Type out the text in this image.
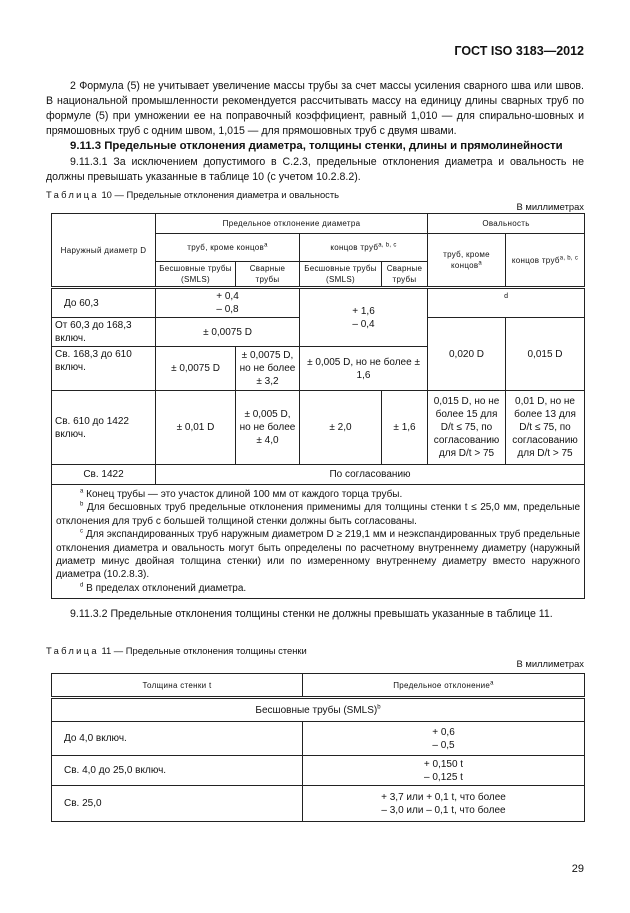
ГОСТ ISO 3183—2012
2 Формула (5) не учитывает увеличение массы трубы за счет массы усиления сварного шва или швов. В национальной промышленности рекомендуется рассчитывать массу на единицу длины сварных труб по формуле (5) при умножении ее на поправочный коэффициент, равный 1,010 — для спирально-шовных и прямошовных труб с одним швом, 1,015 — для прямошовных труб с двумя швами.
9.11.3 Предельные отклонения диаметра, толщины стенки, длины и прямолинейности
9.11.3.1 За исключением допустимого в С.2.3, предельные отклонения диаметра и овальность не должны превышать указанные в таблице 10 (с учетом 10.2.8.2).
Таблица 10 — Предельные отклонения диаметра и овальность
В миллиметрах
Наружный диаметр D	Предельное отклонение диаметра				Овальность	
	труб, кроме концов$^a$		концов труб$^{a, b, c}$		труб, кроме концов$^a$	концов труб$^{a, b, c}$
	Бесшовные трубы (SMLS)	Сварные трубы	Бесшовные трубы (SMLS)	Сварные трубы		
До 60,3	+ 0,4
– 0,8		+ 1,6
– 0,4		d	
От 60,3 до 168,3 включ.	± 0,0075 D				0,020 D	0,015 D
Св. 168,3 до 610 включ.	± 0,0075 D	± 0,0075 D, но не более ± 3,2	± 0,005 D, но не более ± 1,6			
Св. 610 до 1422 включ.	± 0,01 D	± 0,005 D, но не более ± 4,0	± 2,0	± 1,6	0,015 D, но не более 15 для D/t ≤ 75, по согласованию для D/t > 75	0,01 D, но не более 13 для D/t ≤ 75, по согласованию для D/t > 75
Св. 1422	По согласованию					

$^a$ Конец трубы — это участок длиной 100 мм от каждого торца трубы.
$^b$ Для бесшовных труб предельные отклонения применимы для толщины стенки t ≤ 25,0 мм, предельные отклонения для труб с большей толщиной стенки должны быть согласованы.
$^c$ Для экспандированных труб наружным диаметром D ≥ 219,1 мм и неэкспандированных труб предельные отклонения диаметра и овальность могут быть определены по расчетному внутреннему диаметру (наружный диаметр минус двойная толщина стенки) или по измеренному внутреннему диаметру вместо наружного диаметра (10.2.8.3).
$^d$ В пределах отклонений диаметра.						
9.11.3.2 Предельные отклонения толщины стенки не должны превышать указанные в таблице 11.
Таблица 11 — Предельные отклонения толщины стенки
В миллиметрах
Толщина стенки t	Предельное отклонение$^a$
Бесшовные трубы (SMLS)$^b$
До 4,0 включ.	+ 0,6
– 0,5
Св. 4,0 до 25,0 включ.	+ 0,150 t
– 0,125 t
Св. 25,0	+ 3,7 или + 0,1 t, что более
– 3,0 или – 0,1 t, что более
29
